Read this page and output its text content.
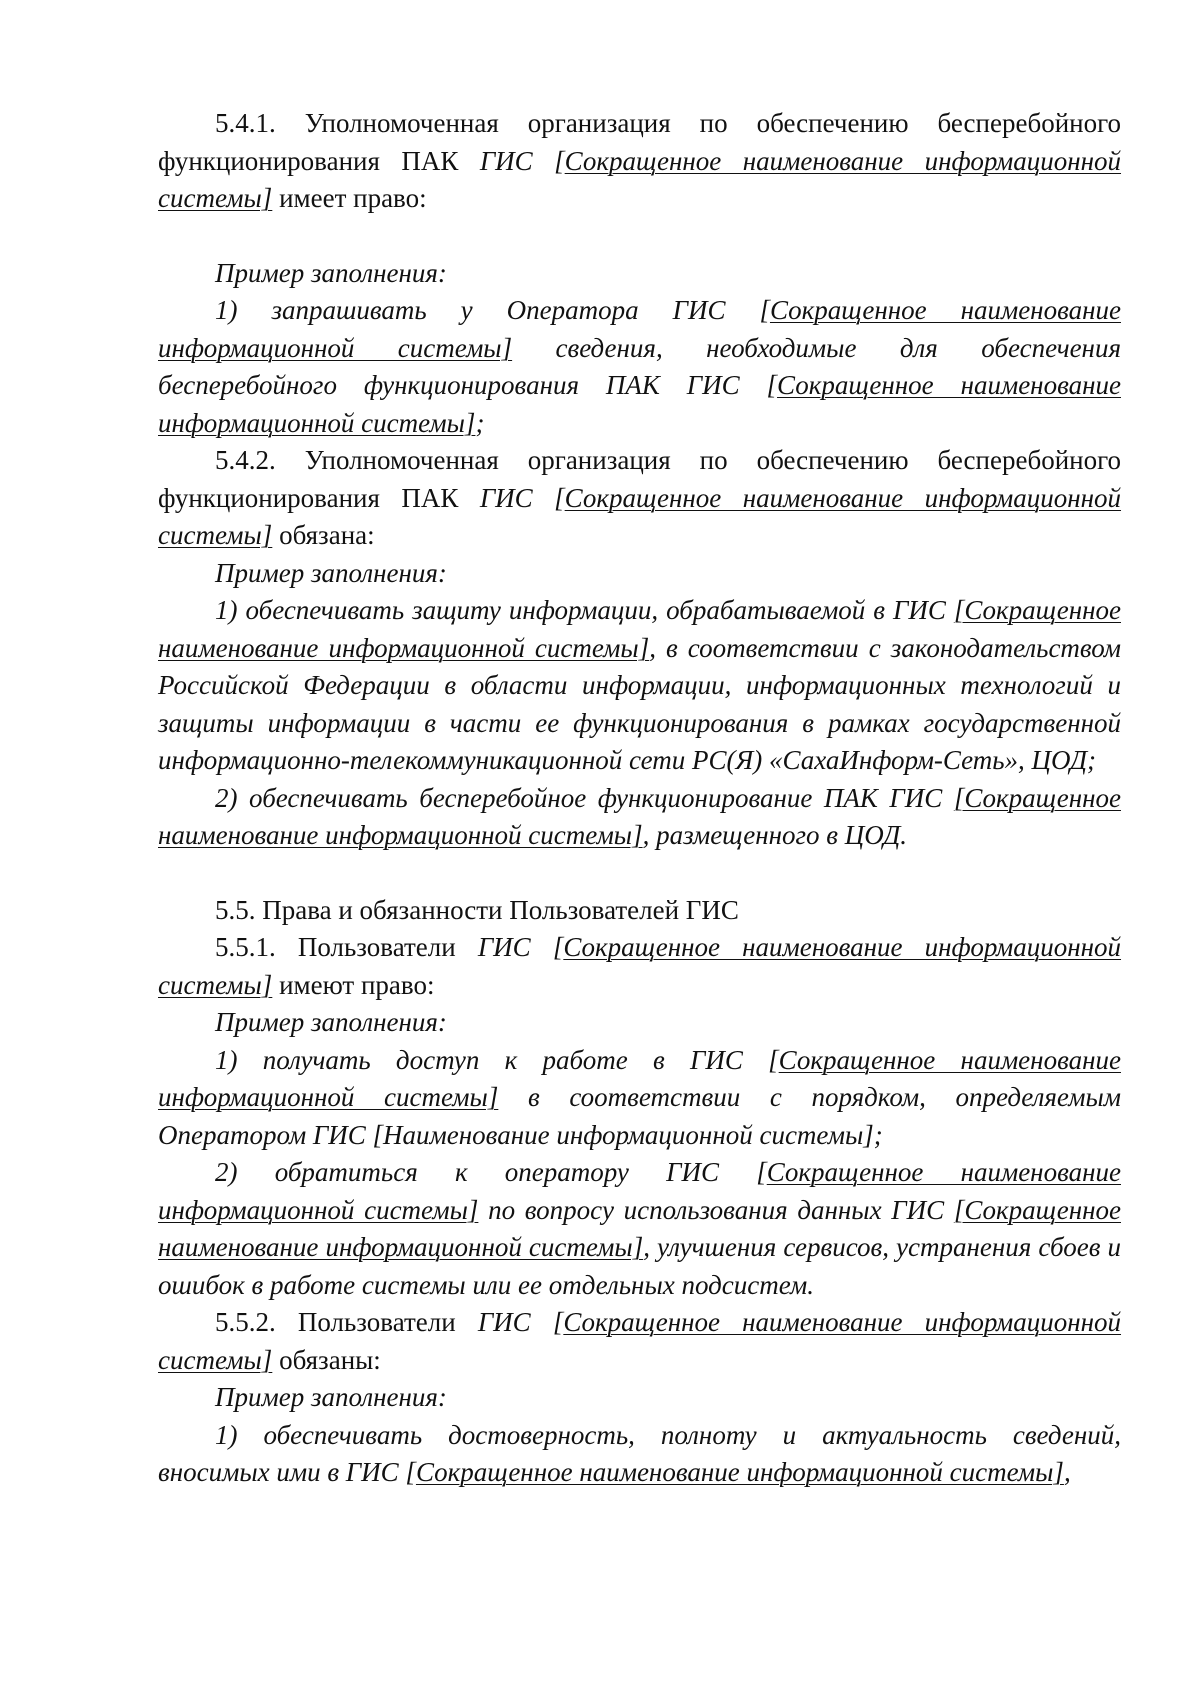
5.4.1. Уполномоченная организация по обеспечению бесперебойного функционирования ПАК ГИС [Сокращенное наименование информационной системы] имеет право:

Пример заполнения:

1) запрашивать у Оператора ГИС [Сокращенное наименование информационной системы] сведения, необходимые для обеспечения бесперебойного функционирования ПАК ГИС [Сокращенное наименование информационной системы];

5.4.2. Уполномоченная организация по обеспечению бесперебойного функционирования ПАК ГИС [Сокращенное наименование информационной системы] обязана:

Пример заполнения:

1) обеспечивать защиту информации, обрабатываемой в ГИС [Сокращенное наименование информационной системы], в соответствии с законодательством Российской Федерации в области информации, информационных технологий и защиты информации в части ее функционирования в рамках государственной информационно-телекоммуникационной сети РС(Я) «СахаИнформ-Сеть», ЦОД;

2) обеспечивать бесперебойное функционирование ПАК ГИС [Сокращенное наименование информационной системы], размещенного в ЦОД.

5.5. Права и обязанности Пользователей ГИС

5.5.1. Пользователи ГИС [Сокращенное наименование информационной системы] имеют право:

Пример заполнения:

1) получать доступ к работе в ГИС [Сокращенное наименование информационной системы] в соответствии с порядком, определяемым Оператором ГИС [Наименование информационной системы];

2) обратиться к оператору ГИС [Сокращенное наименование информационной системы] по вопросу использования данных ГИС [Сокращенное наименование информационной системы], улучшения сервисов, устранения сбоев и ошибок в работе системы или ее отдельных подсистем.

5.5.2. Пользователи ГИС [Сокращенное наименование информационной системы] обязаны:

Пример заполнения:

1) обеспечивать достоверность, полноту и актуальность сведений, вносимых ими в ГИС [Сокращенное наименование информационной системы],
